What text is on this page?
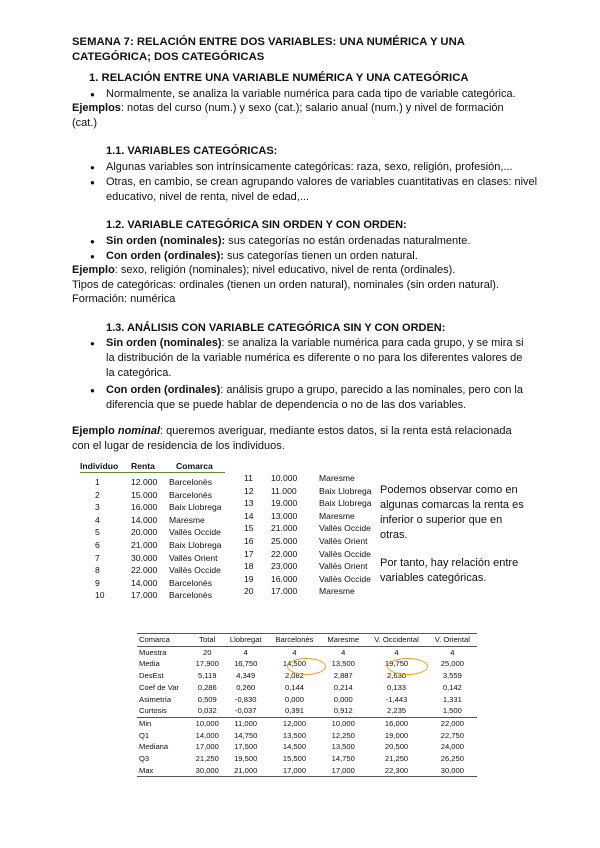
SEMANA 7: RELACIÓN ENTRE DOS VARIABLES: UNA NUMÉRICA Y UNA CATEGÓRICA; DOS CATEGÓRICAS
1. RELACIÓN ENTRE UNA VARIABLE NUMÉRICA Y UNA CATEGÓRICA
● Normalmente, se analiza la variable numérica para cada tipo de variable categórica.
Ejemplos: notas del curso (num.) y sexo (cat.); salario anual (num.) y nivel de formación (cat.)
1.1. VARIABLES CATEGÓRICAS:
● Algunas variables son intrínsicamente categóricas: raza, sexo, religión, profesión,...
● Otras, en cambio, se crean agrupando valores de variables cuantitativas en clases: nivel educativo, nivel de renta, nivel de edad,...
1.2. VARIABLE CATEGÓRICA SIN ORDEN Y CON ORDEN:
● Sin orden (nominales): sus categorías no están ordenadas naturalmente.
● Con orden (ordinales): sus categorías tienen un orden natural.
Ejemplo: sexo, religión (nominales); nivel educativo, nivel de renta (ordinales).
Tipos de categóricas: ordinales (tienen un orden natural), nominales (sin orden natural).
Formación: numérica
1.3. ANÁLISIS CON VARIABLE CATEGÓRICA SIN Y CON ORDEN:
● Sin orden (nominales): se analiza la variable numérica para cada grupo, y se mira si la distribución de la variable numérica es diferente o no para los diferentes valores de la categórica.
● Con orden (ordinales): análisis grupo a grupo, parecido a las nominales, pero con la diferencia que se puede hablar de dependencia o no de las dos variables.
Ejemplo nominal: queremos averiguar, mediante estos datos, si la renta está relacionada con el lugar de residencia de los individuos.
Individuo Renta Comarca
1	12.000 Barcelonès
2	15.000 Barcelonès
3	16.000 Baix Llobrega
4	14.000 Maresme
5	20.000 Vallès Occide
6	21.000 Baix Llobrega
7	30.000 Vallès Orient
8	22.000 Vallès Occide
9	14.000 Barcelonès
10	17.000 Barcelonès
11 10.000	Maresme
12 11.000	Baix Llobrega
13 19.000	Baix Llobrega
14 13.000	Maresme
15 21.000	Vallès Occide
16 25.000	Vallès Orient
17 22.000	Vallès Occide
18 23.000	Vallès Orient
19 16.000	Vallès Occide
20 17.000	Maresme
Podemos observar como en algunas comarcas la renta es inferior o superior que en otras.
Por tanto, hay relación entre variables categóricas.
Comarca	Total	Llobregat	Barcelonès	Maresme	V. Occidental	V. Oriental
Muestra	20	4	4	4	4	4
Media	17,900	16,750	14,500	13,500	19,750	25,000
DesEst	5,119	4,349	2,082	2,887	2,630	3,559
Coef de Var	0,286	0,260	0,144	0,214	0,133	0,142
Asimetría	0,509	-0,830	0,000	0,000	-1,443	1,331
Curtosis	0,032	-0,037	0,391	0,912	2,235	1,500
Min	10,000	11,000	12,000	10,000	16,000	22,000
Q1	14,000	14,750	13,500	12,250	19,000	22,750
Mediana	17,000	17,500	14,500	13,500	20,500	24,000
Q3	21,250	19,500	15,500	14,750	21,250	26,250
Max	30,000	21,000	17,000	17,000	22,300	30,000
